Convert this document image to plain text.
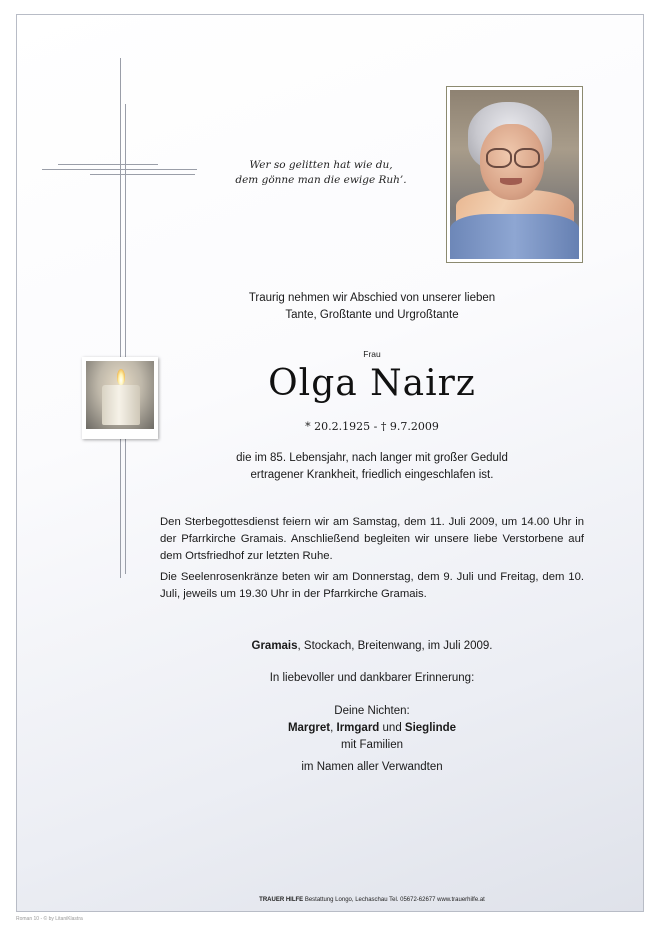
Wer so gelitten hat wie du,
dem gönne man die ewige Ruh’.
Traurig nehmen wir Abschied von unserer lieben
Tante, Großtante und Urgroßtante
Frau
Olga Nairz
* 20.2.1925 - † 9.7.2009
die im 85. Lebensjahr, nach langer mit großer Geduld
ertragener Krankheit, friedlich eingeschlafen ist.
Den Sterbegottesdienst feiern wir am Samstag, dem 11. Juli 2009, um 14.00 Uhr in der Pfarrkirche Gramais. Anschließend begleiten wir unsere liebe Verstorbene auf dem Ortsfriedhof zur letzten Ruhe.
Die Seelenrosenkränze beten wir am Donnerstag, dem 9. Juli und Freitag, dem 10. Juli, jeweils um 19.30 Uhr in der Pfarrkirche Gramais.
Gramais, Stockach, Breitenwang, im Juli 2009.
In liebevoller und dankbarer Erinnerung:
Deine Nichten:
Margret, Irmgard und Sieglinde
mit Familien
im Namen aller Verwandten
TRAUER HILFE Bestattung Longo, Lechaschau Tel. 05672-62677 www.trauerhilfe.at
Roman 10 - © by LitaniKlastra
